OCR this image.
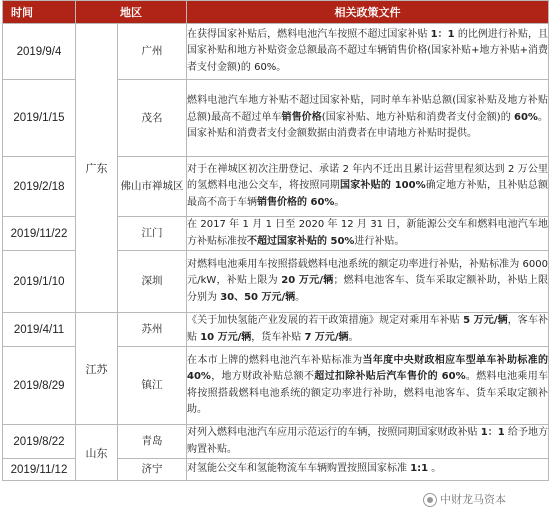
时间	地区		相关政策文件
2019/9/4	广东	广州	在获得国家补贴后，燃料电池汽车按照不超过国家补贴 1：1 的比例进行补贴，且国家补贴和地方补贴资金总额最高不超过车辆销售价格(国家补贴+地方补贴+消费者支付金额)的 60%。
2019/1/15		茂名	燃料电池汽车地方补贴不超过国家补贴，同时单车补贴总额(国家补贴及地方补贴总额)最高不超过单车销售价格(国家补贴、地方补贴和消费者支付金额)的 60%。国家补贴和消费者支付金额数据由消费者在申请地方补贴时提供。
2019/2/18		佛山市禅城区	对于在禅城区初次注册登记、承诺 2 年内不迁出且累计运营里程须达到 2 万公里的氢燃料电池公交车，将按照同期国家补贴的 100%确定地方补贴，且补贴总额最高不高于车辆销售价格的 60%。
2019/11/22		江门	在 2017 年 1 月 1 日至 2020 年 12 月 31 日，新能源公交车和燃料电池汽车地方补贴标准按不超过国家补贴的 50%进行补贴。
2019/1/10		深圳	对燃料电池乘用车按照搭载燃料电池系统的额定功率进行补贴，补贴标准为 6000 元/kW，补贴上限为 20 万元/辆；燃料电池客车、货车采取定额补助，补贴上限分别为 30、50 万元/辆。
2019/4/11	江苏	苏州	《关于加快氢能产业发展的若干政策措施》规定对乘用车补贴 5 万元/辆，客车补贴 10 万元/辆，货车补贴 7 万元/辆。
2019/8/29		镇江	在本市上牌的燃料电池汽车补贴标准为当年度中央财政相应车型单车补助标准的 40%，地方财政补贴总额不超过扣除补贴后汽车售价的 60%。燃料电池乘用车将按照搭载燃料电池系统的额定功率进行补助，燃料电池客车、货车采取定额补助。
2019/8/22	山东	青岛	对列入燃料电池汽车应用示范运行的车辆，按照同期国家财政补贴 1：1 给予地方购置补贴。
2019/11/12		济宁	对氢能公交车和氢能物流车车辆购置按照国家标准 1:1 。
中财龙马资本
